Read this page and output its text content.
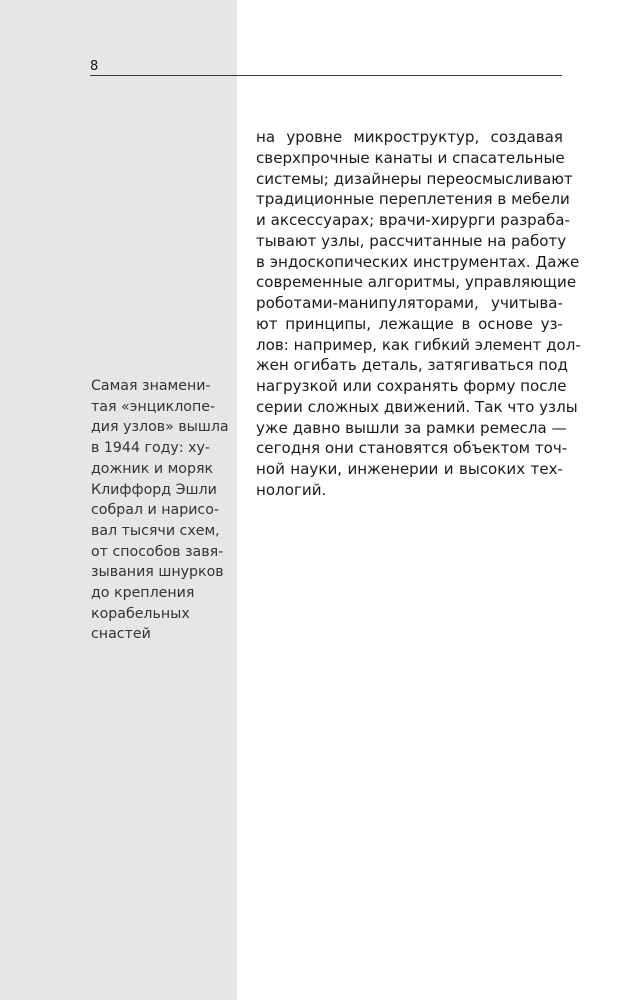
8
Самая знамени-
тая «энциклопе-
дия узлов» вышла
в 1944 году: ху-
дожник и моряк
Клиффорд Эшли
собрал и нарисо-
вал тысячи схем,
от способов завя-
зывания шнурков
до крепления
корабельных
снастей
на уровне микроструктур, создавая
сверхпрочные канаты и спасательные
системы; дизайнеры переосмысливают
традиционные переплетения в мебели
и аксессуарах; врачи-хирурги разраба-
тывают узлы, рассчитанные на работу
в эндоскопических инструментах. Даже
современные алгоритмы, управляющие
роботами-манипуляторами, учитыва-
ют принципы, лежащие в основе уз-
лов: например, как гибкий элемент дол-
жен огибать деталь, затягиваться под
нагрузкой или сохранять форму после
серии сложных движений. Так что узлы
уже давно вышли за рамки ремесла —
сегодня они становятся объектом точ-
ной науки, инженерии и высоких тех-
нологий.
